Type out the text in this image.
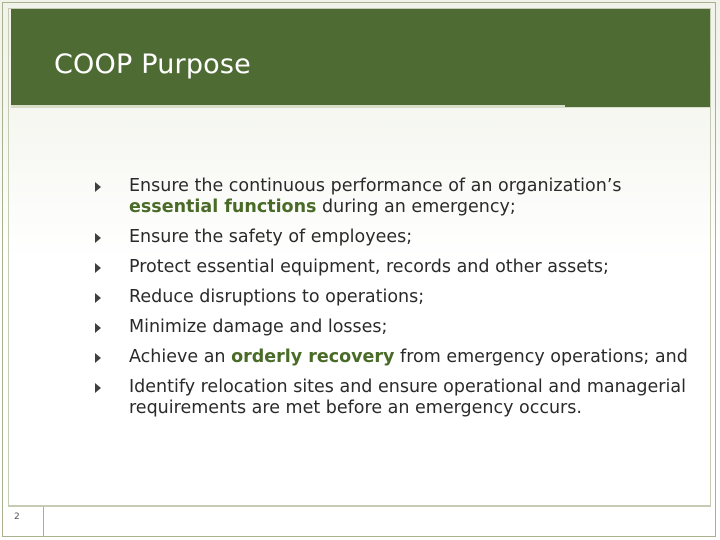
COOP Purpose
Ensure the continuous performance of an organization’s essential functions during an emergency;
Ensure the safety of employees;
Protect essential equipment, records and other assets;
Reduce disruptions to operations;
Minimize damage and losses;
Achieve an orderly recovery from emergency operations; and
Identify relocation sites and ensure operational and managerial requirements are met before an emergency occurs.
2
